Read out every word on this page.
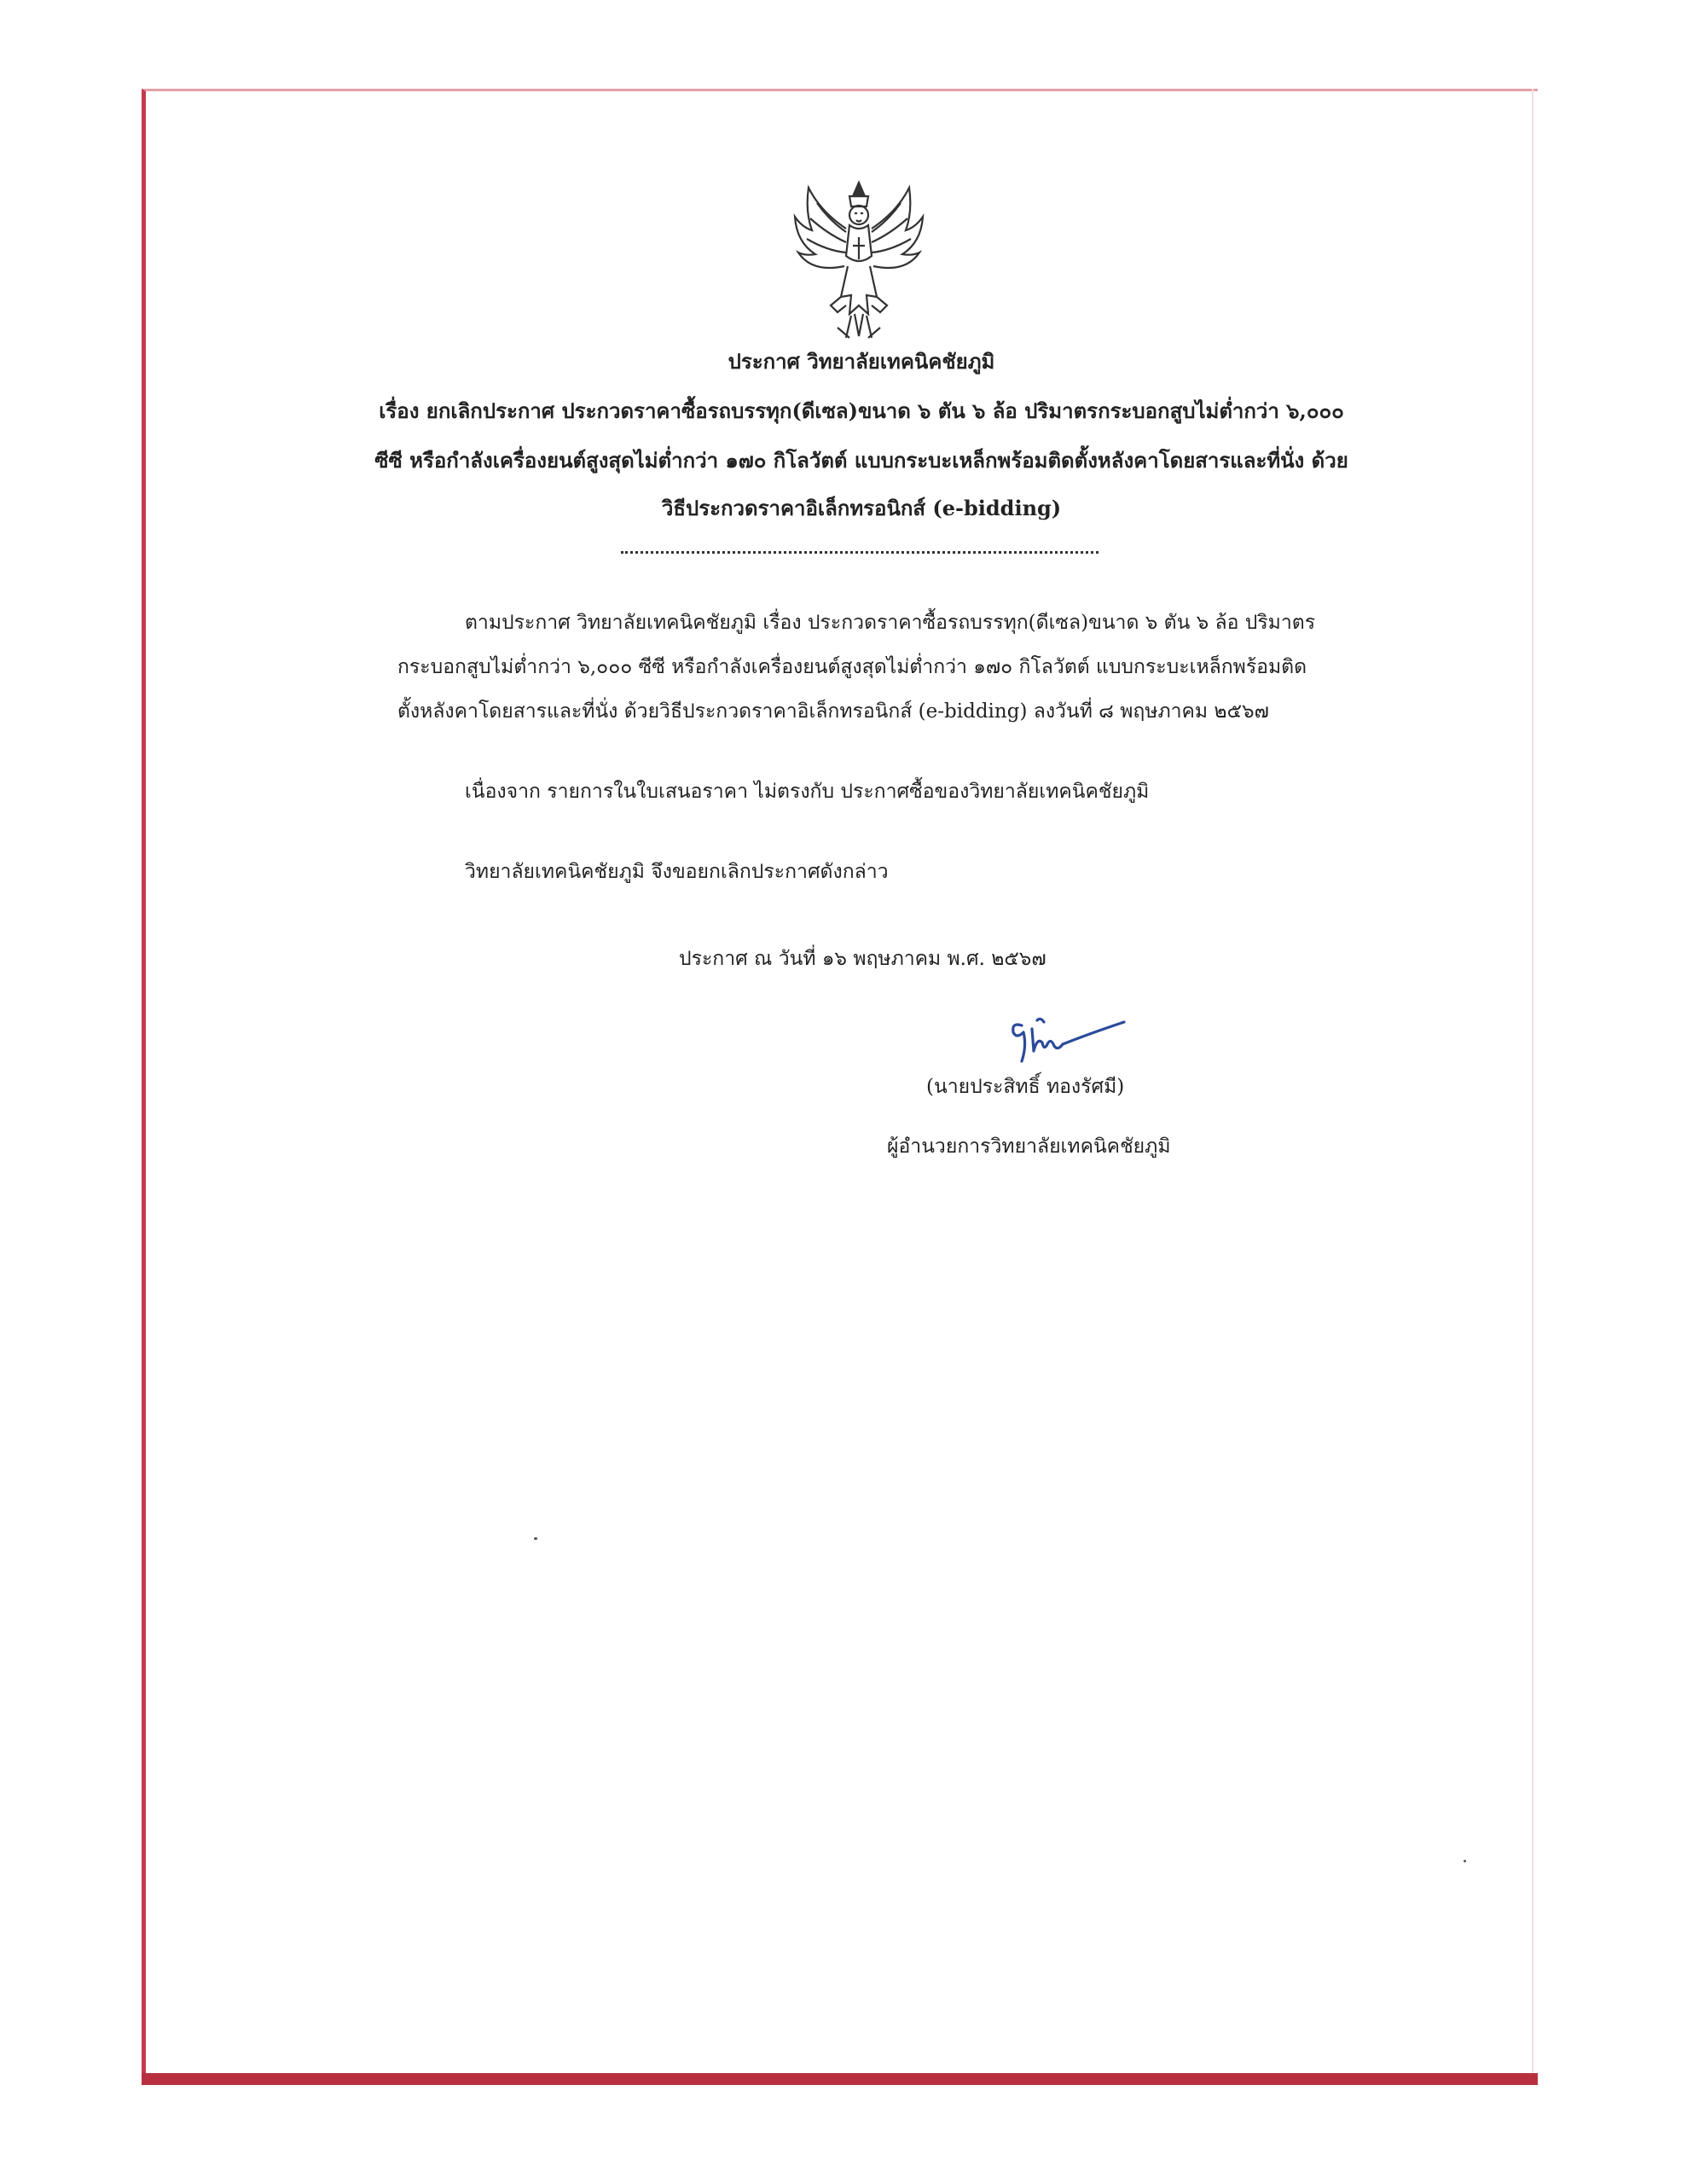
ประกาศ วิทยาลัยเทคนิคชัยภูมิ
เรื่อง ยกเลิกประกาศ ประกวดราคาซื้อรถบรรทุก(ดีเซล)ขนาด ๖ ตัน ๖ ล้อ ปริมาตรกระบอกสูบไม่ต่ำกว่า ๖,๐๐๐
ซีซี หรือกำลังเครื่องยนต์สูงสุดไม่ต่ำกว่า ๑๗๐ กิโลวัตต์ แบบกระบะเหล็กพร้อมติดตั้งหลังคาโดยสารและที่นั่ง ด้วย
วิธีประกวดราคาอิเล็กทรอนิกส์ (e-bidding)
ตามประกาศ วิทยาลัยเทคนิคชัยภูมิ เรื่อง ประกวดราคาซื้อรถบรรทุก(ดีเซล)ขนาด ๖ ตัน ๖ ล้อ ปริมาตร
กระบอกสูบไม่ต่ำกว่า ๖,๐๐๐ ซีซี หรือกำลังเครื่องยนต์สูงสุดไม่ต่ำกว่า ๑๗๐ กิโลวัตต์ แบบกระบะเหล็กพร้อมติด
ตั้งหลังคาโดยสารและที่นั่ง ด้วยวิธีประกวดราคาอิเล็กทรอนิกส์ (e-bidding) ลงวันที่ ๘ พฤษภาคม ๒๕๖๗
เนื่องจาก รายการในใบเสนอราคา ไม่ตรงกับ ประกาศซื้อของวิทยาลัยเทคนิคชัยภูมิ
วิทยาลัยเทคนิคชัยภูมิ จึงขอยกเลิกประกาศดังกล่าว
ประกาศ ณ วันที่ ๑๖ พฤษภาคม พ.ศ. ๒๕๖๗
(นายประสิทธิ์ ทองรัศมี)
ผู้อำนวยการวิทยาลัยเทคนิคชัยภูมิ
